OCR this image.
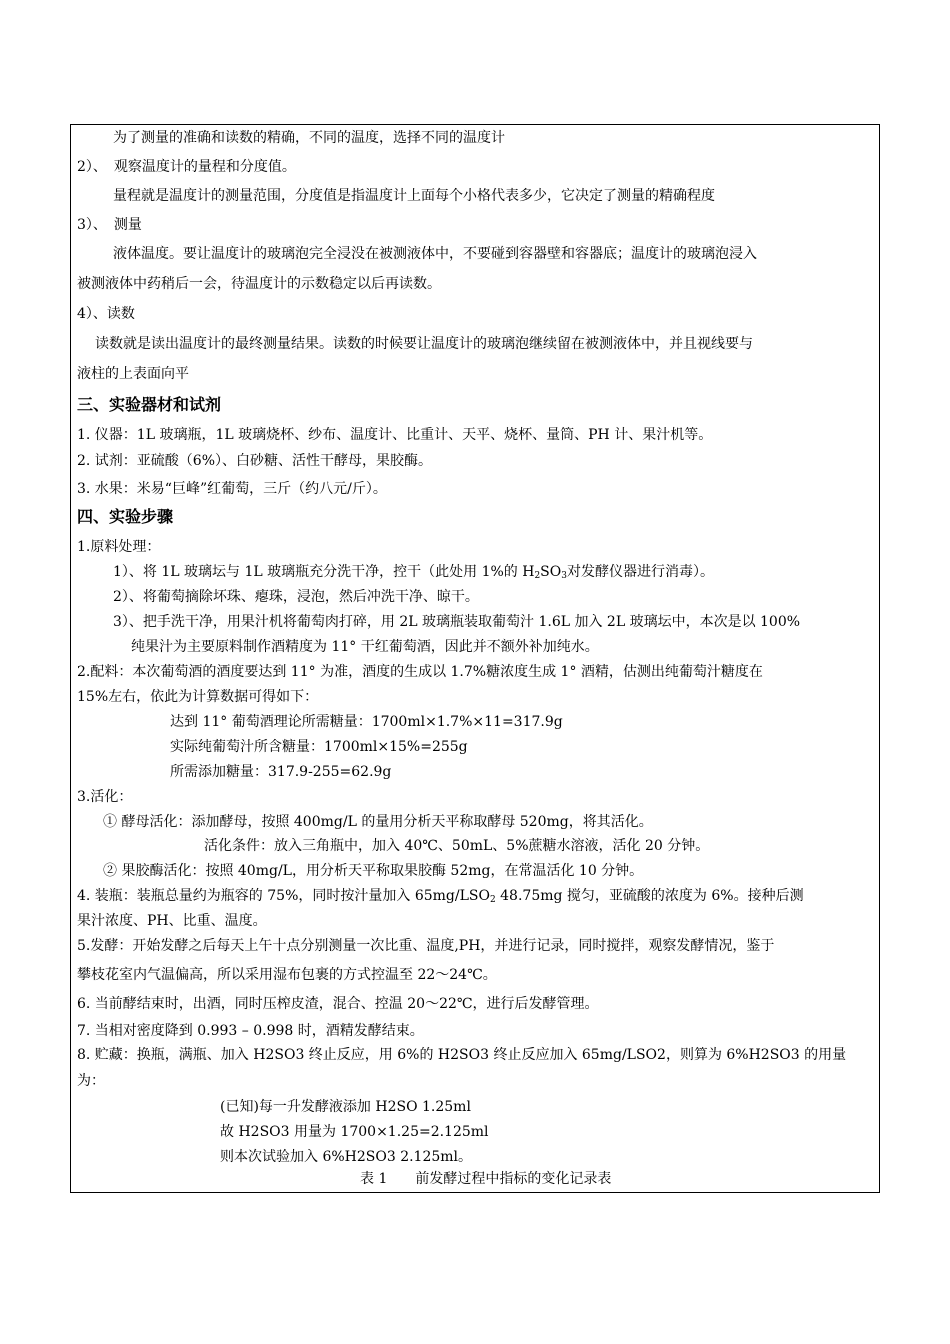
为了测量的准确和读数的精确，不同的温度，选择不同的温度计
2）、　观察温度计的量程和分度值。
量程就是温度计的测量范围，分度值是指温度计上面每个小格代表多少，它决定了测量的精确程度
3）、　测量
液体温度。要让温度计的玻璃泡完全浸没在被测液体中，不要碰到容器壁和容器底；温度计的玻璃泡浸入
被测液体中药稍后一会，待温度计的示数稳定以后再读数。
4）、读数
读数就是读出温度计的最终测量结果。读数的时候要让温度计的玻璃泡继续留在被测液体中，并且视线要与
液柱的上表面向平
三、实验器材和试剂
1. 仪器：1L 玻璃瓶，1L 玻璃烧杯、纱布、温度计、比重计、天平、烧杯、量筒、PH 计、果汁机等。
2. 试剂：亚硫酸（6%）、白砂糖、活性干酵母，果胶酶。
3. 水果：米易“巨峰”红葡萄，三斤（约八元/斤）。
四、实验步骤
1.原料处理：
1）、将 1L 玻璃坛与 1L 玻璃瓶充分洗干净，控干（此处用 1%的 $H_2SO_3$对发酵仪器进行消毒）。
2）、将葡萄摘除坏珠、瘪珠，浸泡，然后冲洗干净、晾干。
3）、把手洗干净，用果汁机将葡萄肉打碎，用 2L 玻璃瓶装取葡萄汁 1.6L 加入 2L 玻璃坛中，本次是以 100%
纯果汁为主要原料制作酒精度为 11° 干红葡萄酒，因此并不额外补加纯水。
2.配料：本次葡萄酒的酒度要达到 11° 为准，酒度的生成以 1.7%糖浓度生成 1° 酒精，估测出纯葡萄汁糖度在
15%左右，依此为计算数据可得如下：
达到 11° 葡萄酒理论所需糖量：1700ml×1.7%×11=317.9g
实际纯葡萄汁所含糖量：1700ml×15%=255g
所需添加糖量：317.9-255=62.9g
3.活化：
① 酵母活化：添加酵母，按照 400mg/L 的量用分析天平称取酵母 520mg，将其活化。
活化条件：放入三角瓶中，加入 40℃、50mL、5%蔗糖水溶液，活化 20 分钟。
② 果胶酶活化：按照 40mg/L，用分析天平称取果胶酶 52mg，在常温活化 10 分钟。
4. 装瓶：装瓶总量约为瓶容的 75%，同时按汁量加入 $65mg/LSO_2$ 48.75mg 搅匀，亚硫酸的浓度为 6%。接种后测
果汁浓度、PH、比重、温度。
5.发酵：开始发酵之后每天上午十点分别测量一次比重、温度,PH，并进行记录，同时搅拌，观察发酵情况，鉴于
攀枝花室内气温偏高，所以采用湿布包裹的方式控温至 22～24℃。
6. 当前酵结束时，出酒，同时压榨皮渣，混合、控温 20～22℃，进行后发酵管理。
7. 当相对密度降到 0.993 – 0.998 时，酒精发酵结束。
8. 贮藏：换瓶，满瓶、加入 H2SO3 终止反应，用 6%的 H2SO3 终止反应加入 65mg/LSO2，则算为 6%H2SO3 的用量
为：
(已知)每一升发酵液添加 H2SO 1.25ml
故 H2SO3 用量为 1700×1.25=2.125ml
则本次试验加入 6%H2SO3 2.125ml。
表 1　　前发酵过程中指标的变化记录表
